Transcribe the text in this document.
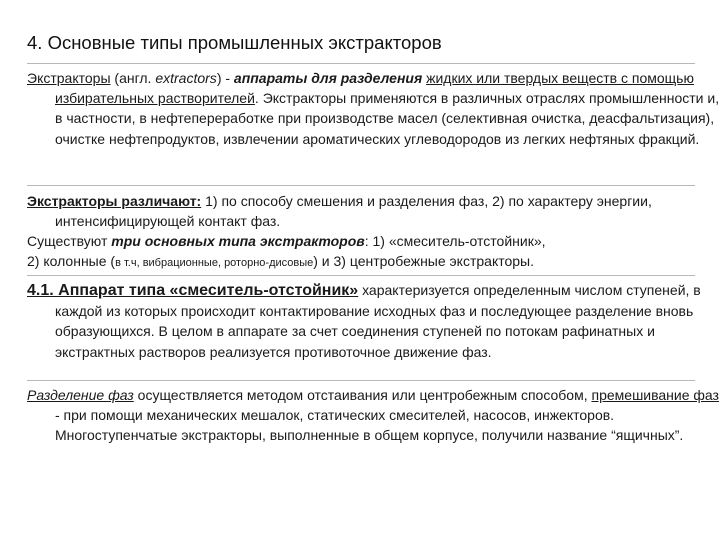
4. Основные типы промышленных экстракторов

Экстракторы (англ. extractors) - аппараты для разделения жидких или твердых веществ с помощью избирательных растворителей. Экстракторы применяются в различных отраслях промышленности и, в частности, в нефтепереработке при производстве масел (селективная очистка, деасфальтизация), очистке нефтепродуктов, извлечении ароматических углеводородов из легких нефтяных фракций.

Экстракторы различают: 1) по способу смешения и разделения фаз, 2) по характеру энергии, интенсифицирующей контакт фаз.

Существуют три основных типа экстракторов: 1) «смеситель-отстойник»,

2) колонные (в т.ч, вибрационные, роторно-дисовые) и 3) центробежные экстракторы.

4.1. Аппарат типа «смеситель-отстойник» характеризуется определенным числом ступеней, в каждой из которых происходит контактирование исходных фаз и последующее разделение вновь образующихся. В целом в аппарате за счет соединения ступеней по потокам рафинатных и экстрактных растворов реализуется противоточное движение фаз.

Разделение фаз осуществляется методом отстаивания или центробежным способом, премешивание фаз - при помощи механических мешалок, статических смесителей, насосов, инжекторов. Многоступенчатые экстракторы, выполненные в общем корпусе, получили название “ящичных”.
